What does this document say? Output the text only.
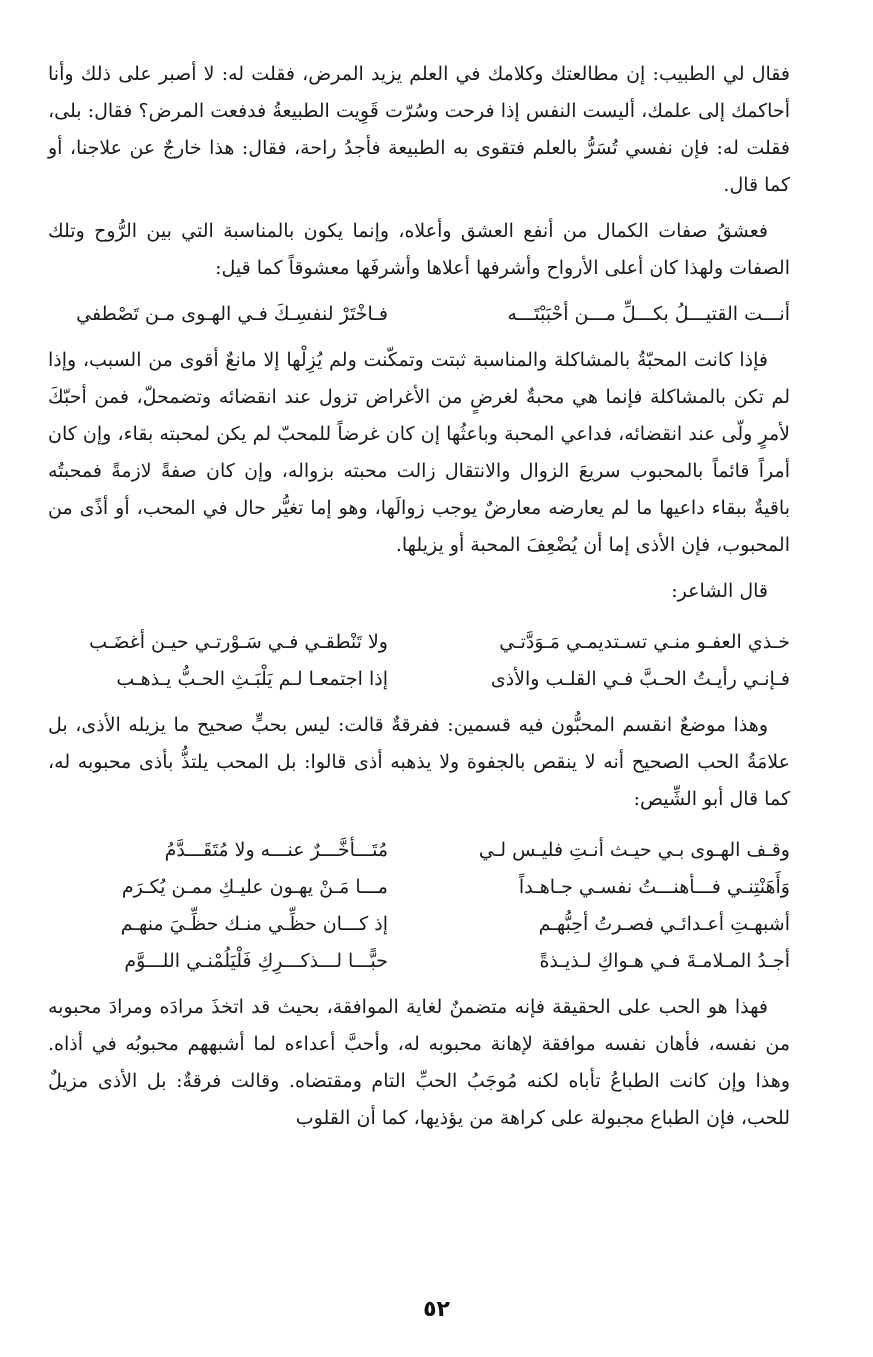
فقال لي الطبيب: إن مطالعتك وكلامك في العلم يزيد المرض، فقلت له: لا أصبر على ذلك وأنا أحاكمك إلى علمك، أليست النفس إذا فرحت وسُرّت قَوِيت الطبيعةُ فدفعت المرض؟ فقال: بلى، فقلت له: فإن نفسي تُسَرُّ بالعلم فتقوى به الطبيعة فأجدُ راحة، فقال: هذا خارجٌ عن علاجنا، أو كما قال.

فعشقُ صفات الكمال من أنفع العشق وأعلاه، وإنما يكون بالمناسبة التي بين الرُّوح وتلك الصفات ولهذا كان أعلى الأرواح وأشرفها أعلاها وأشرفَها معشوقاً كما قيل:

أنـــت القتيـــلُ بكـــلِّ مـــن أحْبَبْتَـــه
فـاخْتَرْ لنفسِـكَ فـي الهـوى مـن تَصْطفي

فإذا كانت المحبّةُ بالمشاكلة والمناسبة ثبتت وتمكّنت ولم يُزِلْها إلا مانعٌ أقوى من السبب، وإذا لم تكن بالمشاكلة فإنما هي محبةٌ لغرضٍ من الأغراض تزول عند انقضائه وتضمحلّ، فمن أحبّكَ لأمرٍ ولّى عند انقضائه، فداعي المحبة وباعثُها إن كان غرضاً للمحبّ لم يكن لمحبته بقاء، وإن كان أمراً قائماً بالمحبوب سريعَ الزوال والانتقال زالت محبته بزواله، وإن كان صفةً لازمةً فمحبتُه باقيةٌ ببقاء داعيها ما لم يعارضه معارضٌ يوجب زوالَها، وهو إما تغيُّر حال في المحب، أو أذًى من المحبوب، فإن الأذى إما أن يُضْعِفَ المحبة أو يزيلها.

قال الشاعر:

خـذي العفـو منـي تسـتديمـي مَـوَدَّتـي
ولا تَنْطقـي فـي سَـوْرتـي حيـن أغضَـب
فـإنـي رأيـتُ الحـبَّ فـي القلـب والأذى
إذا اجتمعـا لـم يَلْبَـثِ الحـبُّ يـذهـب

وهذا موضعٌ انقسم المحبُّون فيه قسمين: ففرقةٌ قالت: ليس بحبٍّ صحيح ما يزيله الأذى، بل علامَةُ الحب الصحيح أنه لا ينقص بالجفوة ولا يذهبه أذى قالوا: بل المحب يلتذُّ بأذى محبوبه له، كما قال أبو الشِّيص:

وقـف الهـوى بـي حيـث أنـتِ فليـس لـي
مُتَـــأخَّـــرٌ عنـــه ولا مُتَقَـــدَّمُ
وَأَهَنْتِنـي فـــأهنـــتُ نفسـي جـاهـداً
مـــا مَـنْ يهـون عليـكِ ممـن يُكـرَم
أشبهـتِ أعـدائـي فصـرتُ أحِبُّهـم
إذ كـــان حظِّـي منـك حظِّـيَ منهـم
أجـدُ المـلامـةَ فـي هـواكِ لـذيـذةً
حبًّـــا لـــذكـــرِكِ فَلْيَلُمْنـي اللـــوَّم

فهذا هو الحب على الحقيقة فإنه متضمنٌ لغاية الموافقة، بحيث قد اتخذَ مرادَه ومرادَ محبوبه من نفسه، فأهان نفسه موافقة لإهانة محبوبه له، وأحبَّ أعداءه لما أشبههم محبوبُه في أذاه. وهذا وإن كانت الطباعُ تأباه لكنه مُوجَبُ الحبِّ التام ومقتضاه. وقالت فرقةٌ: بل الأذى مزيلٌ للحب، فإن الطباع مجبولة على كراهة من يؤذيها، كما أن القلوب

٥٢
